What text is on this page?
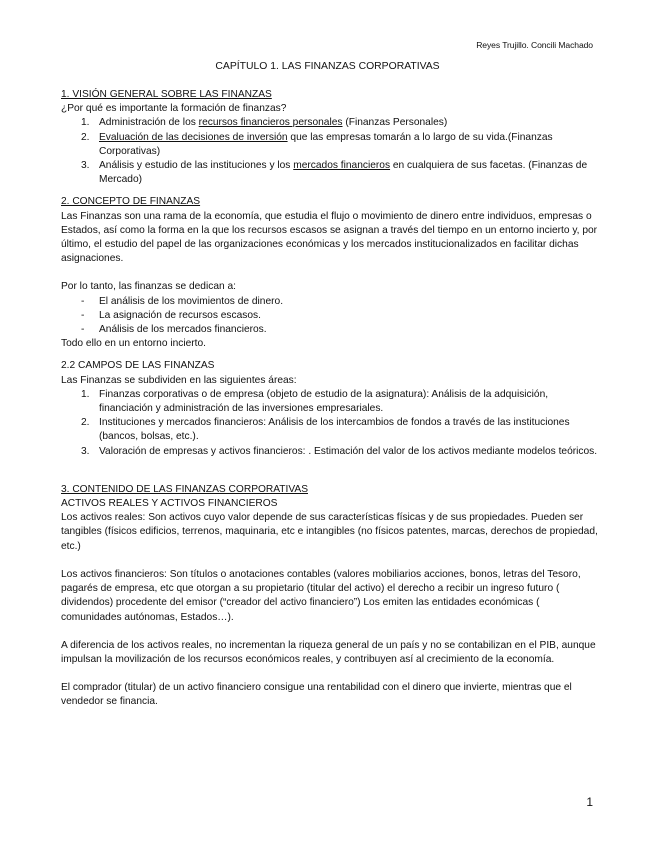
Reyes Trujillo. Concili Machado
CAPÍTULO 1. LAS FINANZAS CORPORATIVAS

1. VISIÓN GENERAL SOBRE LAS FINANZAS

¿Por qué es importante la formación de finanzas?

1. Administración de los recursos financieros personales (Finanzas Personales)
2. Evaluación de las decisiones de inversión que las empresas tomarán a lo largo de su vida.(Finanzas Corporativas)
3. Análisis y estudio de las instituciones y los mercados financieros en cualquiera de sus facetas. (Finanzas de Mercado)

2. CONCEPTO DE FINANZAS

Las Finanzas son una rama de la economía, que estudia el flujo o movimiento de dinero entre individuos, empresas o Estados, así como la forma en la que los recursos escasos se asignan a través del tiempo en un entorno incierto y, por último, el estudio del papel de las organizaciones económicas y los mercados institucionalizados en facilitar dichas asignaciones.

Por lo tanto, las finanzas se dedican a:

-	El análisis de los movimientos de dinero.
-	La asignación de recursos escasos.
-	Análisis de los mercados financieros.

Todo ello en un entorno incierto.

2.2 CAMPOS DE LAS FINANZAS

Las Finanzas se subdividen en las siguientes áreas:

1. Finanzas corporativas o de empresa (objeto de estudio de la asignatura): Análisis de la adquisición, financiación y administración de las inversiones empresariales.
2. Instituciones y mercados financieros: Análisis de los intercambios de fondos a través de las instituciones (bancos, bolsas, etc.).
3. Valoración de empresas y activos financieros: . Estimación del valor de los activos mediante modelos teóricos.

3. CONTENIDO DE LAS FINANZAS CORPORATIVAS

ACTIVOS REALES Y ACTIVOS FINANCIEROS

Los activos reales: Son activos cuyo valor depende de sus características físicas y de sus propiedades. Pueden ser tangibles (físicos edificios, terrenos, maquinaria, etc e intangibles (no físicos patentes, marcas, derechos de propiedad, etc.)

Los activos financieros: Son títulos o anotaciones contables (valores mobiliarios acciones, bonos, letras del Tesoro, pagarés de empresa, etc que otorgan a su propietario (titular del activo) el derecho a recibir un ingreso futuro ( dividendos) procedente del emisor (“creador del activo financiero”) Los emiten las entidades económicas ( comunidades autónomas, Estados…).

A diferencia de los activos reales, no incrementan la riqueza general de un país y no se contabilizan en el PIB, aunque impulsan la movilización de los recursos económicos reales, y contribuyen así al crecimiento de la economía.

El comprador (titular) de un activo financiero consigue una rentabilidad con el dinero que invierte, mientras que el vendedor se financia.

1
